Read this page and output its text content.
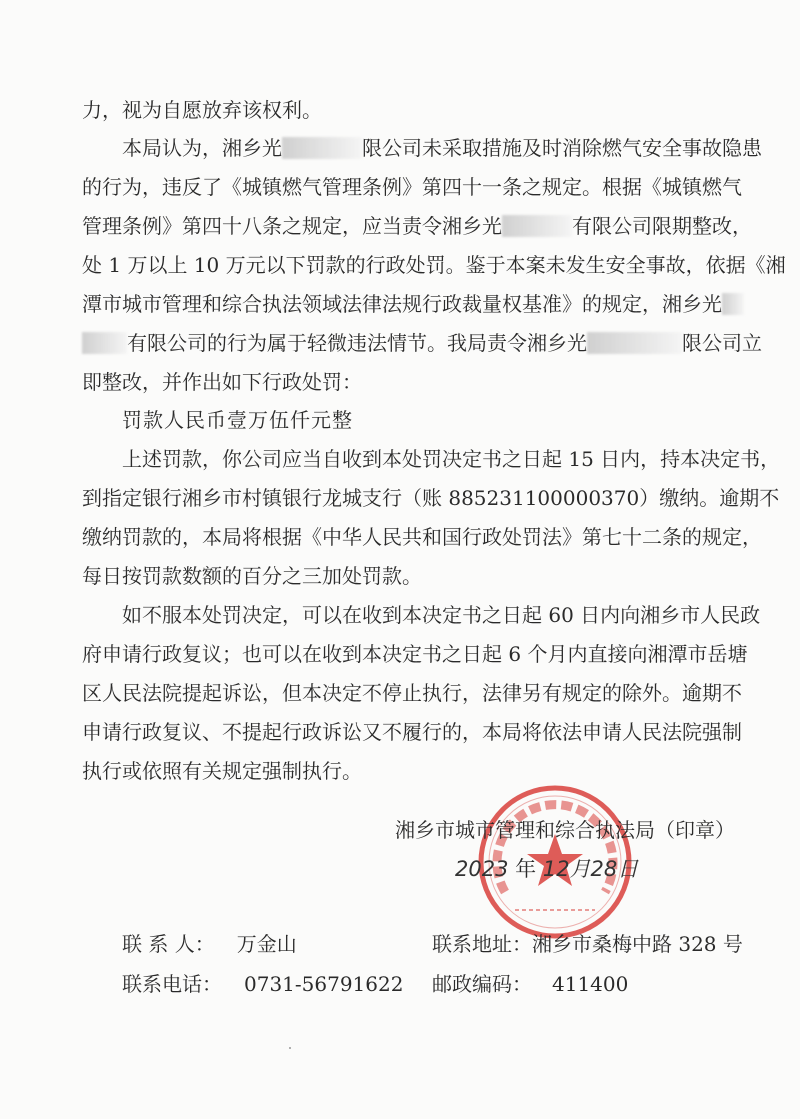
力，视为自愿放弃该权利。
本局认为，湘乡光	限公司未采取措施及时消除燃气安全事故隐患
的行为，违反了《城镇燃气管理条例》第四十一条之规定。根据《城镇燃气
管理条例》第四十八条之规定，应当责令湘乡光	有限公司限期整改，
处 1 万以上 10 万元以下罚款的行政处罚。鉴于本案未发生安全事故，依据《湘
潭市城市管理和综合执法领域法律法规行政裁量权基准》的规定，湘乡光
有限公司的行为属于轻微违法情节。我局责令湘乡光	限公司立
即整改，并作出如下行政处罚：
罚款人民币壹万伍仟元整
上述罚款，你公司应当自收到本处罚决定书之日起 15 日内，持本决定书，
到指定银行湘乡市村镇银行龙城支行（账 885231100000370）缴纳。逾期不
缴纳罚款的，本局将根据《中华人民共和国行政处罚法》第七十二条的规定，
每日按罚款数额的百分之三加处罚款。
如不服本处罚决定，可以在收到本决定书之日起 60 日内向湘乡市人民政
府申请行政复议；也可以在收到本决定书之日起 6 个月内直接向湘潭市岳塘
区人民法院提起诉讼，但本决定不停止执行，法律另有规定的除外。逾期不
申请行政复议、不提起行政诉讼又不履行的，本局将依法申请人民法院强制
执行或依照有关规定强制执行。
湘乡市城市管理和综合执法局（印章）
2023 年 12月28日
联 系 人： 万金山	联系地址：湘乡市桑梅中路 328 号
联系电话： 0731-56791622 邮政编码： 411400
